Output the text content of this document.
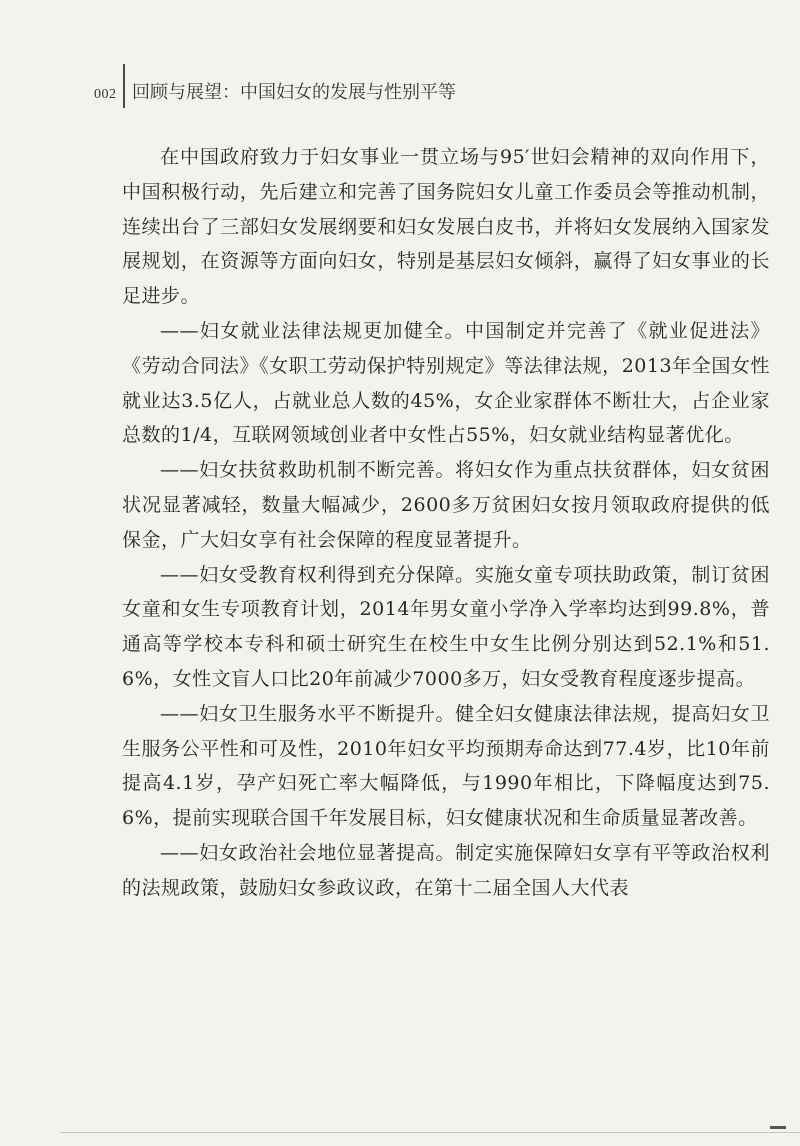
002 回顾与展望：中国妇女的发展与性别平等

在中国政府致力于妇女事业一贯立场与95′世妇会精神的双向作用下，中国积极行动，先后建立和完善了国务院妇女儿童工作委员会等推动机制，连续出台了三部妇女发展纲要和妇女发展白皮书，并将妇女发展纳入国家发展规划，在资源等方面向妇女，特别是基层妇女倾斜，赢得了妇女事业的长足进步。

——妇女就业法律法规更加健全。中国制定并完善了《就业促进法》《劳动合同法》《女职工劳动保护特别规定》等法律法规，2013年全国女性就业达3.5亿人，占就业总人数的45%，女企业家群体不断壮大，占企业家总数的1/4，互联网领域创业者中女性占55%，妇女就业结构显著优化。

——妇女扶贫救助机制不断完善。将妇女作为重点扶贫群体，妇女贫困状况显著减轻，数量大幅减少，2600多万贫困妇女按月领取政府提供的低保金，广大妇女享有社会保障的程度显著提升。

——妇女受教育权利得到充分保障。实施女童专项扶助政策，制订贫困女童和女生专项教育计划，2014年男女童小学净入学率均达到99.8%，普通高等学校本专科和硕士研究生在校生中女生比例分别达到52.1%和51.6%，女性文盲人口比20年前减少7000多万，妇女受教育程度逐步提高。

——妇女卫生服务水平不断提升。健全妇女健康法律法规，提高妇女卫生服务公平性和可及性，2010年妇女平均预期寿命达到77.4岁，比10年前提高4.1岁，孕产妇死亡率大幅降低，与1990年相比，下降幅度达到75.6%，提前实现联合国千年发展目标，妇女健康状况和生命质量显著改善。

——妇女政治社会地位显著提高。制定实施保障妇女享有平等政治权利的法规政策，鼓励妇女参政议政，在第十二届全国人大代表
